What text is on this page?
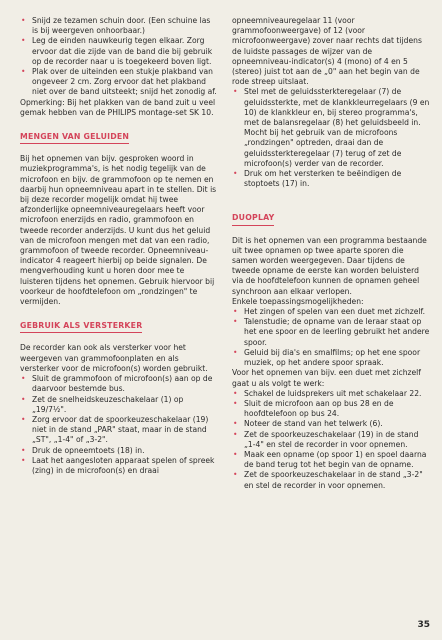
• Snijd ze tezamen schuin door. (Een schuine las is bij weergeven onhoorbaar.)

• Leg de einden nauwkeurig tegen elkaar. Zorg ervoor dat die zijde van de band die bij gebruik op de recorder naar u is toegekeerd boven ligt.

• Plak over de uiteinden een stukje plakband van ongeveer 2 cm. Zorg ervoor dat het plakband niet over de band uitsteekt; snijd het zonodig af.

Opmerking: Bij het plakken van de band zuit u veel gemak hebben van de PHILIPS montage-set SK 10.

MENGEN VAN GELUIDEN

Bij het opnemen van bijv. gesproken woord in muziekprogramma's, is het nodig tegelijk van de microfoon en bijv. de grammofoon op te nemen en daarbij hun opneemniveau apart in te stellen. Dit is bij deze recorder mogelijk omdat hij twee afzonderlijke opneemniveauregelaars heeft voor microfoon enerzijds en radio, grammofoon en tweede recorder anderzijds. U kunt dus het geluid van de microfoon mengen met dat van een radio, grammofoon of tweede recorder. Opneemniveau-indicator 4 reageert hierbij op beide signalen. De mengverhouding kunt u horen door mee te luisteren tijdens het opnemen. Gebruik hiervoor bij voorkeur de hoofdtelefoon om „rondzingen" te vermijden.

GEBRUIK ALS VERSTERKER

De recorder kan ook als versterker voor het weergeven van grammofoonplaten en als versterker voor de microfoon(s) worden gebruikt.

• Sluit de grammofoon of microfoon(s) aan op de daarvoor bestemde bus.

• Zet de snelheidskeuzeschakelaar (1) op „19/7½".

• Zorg ervoor dat de spoorkeuzeschakelaar (19) niet in de stand „PAR" staat, maar in de stand „ST", „1-4" of „3-2".

• Druk de opneemtoets (18) in.

• Laat het aangesloten apparaat spelen of spreek (zing) in de microfoon(s) en draai

opneemniveauregelaar 11 (voor grammofoonweergave) of 12 (voor microfoonweergave) zover naar rechts dat tijdens de luidste passages de wijzer van de opneemniveau-indicator(s) 4 (mono) of 4 en 5 (stereo) juist tot aan de „0" aan het begin van de rode streep uitslaat.

• Stel met de geluidssterkteregelaar (7) de geluidssterkte, met de klankkleurregelaars (9 en 10) de klankkleur en, bij stereo programma's, met de balansregelaar (8) het geluidsbeeld in. Mocht bij het gebruik van de microfoons „rondzingen" optreden, draai dan de geluidssterkteregelaar (7) terug of zet de microfoon(s) verder van de recorder.

• Druk om het versterken te beëindigen de stoptoets (17) in.

DUOPLAY

Dit is het opnemen van een programma bestaande uit twee opnamen op twee aparte sporen die samen worden weergegeven. Daar tijdens de tweede opname de eerste kan worden beluisterd via de hoofdtelefoon kunnen de opnamen geheel synchroon aan elkaar verlopen.

Enkele toepassingsmogelijkheden:

• Het zingen of spelen van een duet met zichzelf.

• Talenstudie; de opname van de leraar staat op het ene spoor en de leerling gebruikt het andere spoor.

• Geluid bij dia's en smalfilms; op het ene spoor muziek, op het andere spoor spraak.

Voor het opnemen van bijv. een duet met zichzelf gaat u als volgt te werk:

• Schakel de luidsprekers uit met schakelaar 22.

• Sluit de microfoon aan op bus 28 en de hoofdtelefoon op bus 24.

• Noteer de stand van het telwerk (6).

• Zet de spoorkeuzeschakelaar (19) in de stand „1-4" en stel de recorder in voor opnemen.

• Maak een opname (op spoor 1) en spoel daarna de band terug tot het begin van de opname.

• Zet de spoorkeuzeschakelaar in de stand „3-2" en stel de recorder in voor opnemen.

35
